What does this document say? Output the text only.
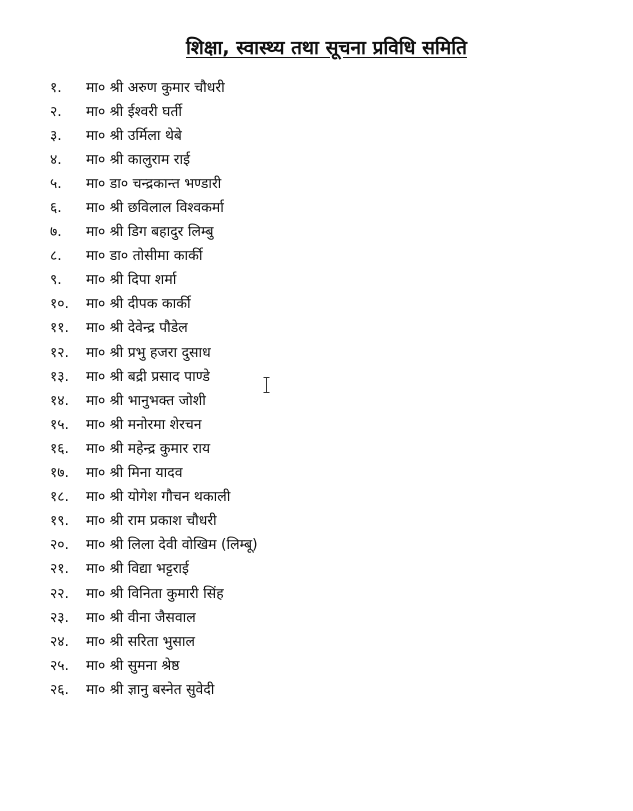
शिक्षा, स्वास्थ्य तथा सूचना प्रविधि समिति
१.	मा० श्री अरुण कुमार चौधरी
२.	मा० श्री ईश्वरी घर्ती
३.	मा० श्री उर्मिला थेबे
४.	मा० श्री कालुराम राई
५.	मा० डा० चन्द्रकान्त भण्डारी
६.	मा० श्री छविलाल विश्वकर्मा
७.	मा० श्री डिग बहादुर लिम्बु
८.	मा० डा० तोसीमा कार्की
९.	मा० श्री दिपा शर्मा
१०.	मा० श्री दीपक कार्की
११.	मा० श्री देवेन्द्र पौडेल
१२.	मा० श्री प्रभु हजरा दुसाध
१३.	मा० श्री बद्री प्रसाद पाण्डे
१४.	मा० श्री भानुभक्त जोशी
१५.	मा० श्री मनोरमा शेरचन
१६.	मा० श्री महेन्द्र कुमार राय
१७.	मा० श्री मिना यादव
१८.	मा० श्री योगेश गौचन थकाली
१९.	मा० श्री राम प्रकाश चौधरी
२०.	मा० श्री लिला देवी वोखिम (लिम्बू)
२१.	मा० श्री विद्या भट्टराई
२२.	मा० श्री विनिता कुमारी सिंह
२३.	मा० श्री वीना जैसवाल
२४.	मा० श्री सरिता भुसाल
२५.	मा० श्री सुमना श्रेष्ठ
२६.	मा० श्री ज्ञानु बस्नेत सुवेदी
